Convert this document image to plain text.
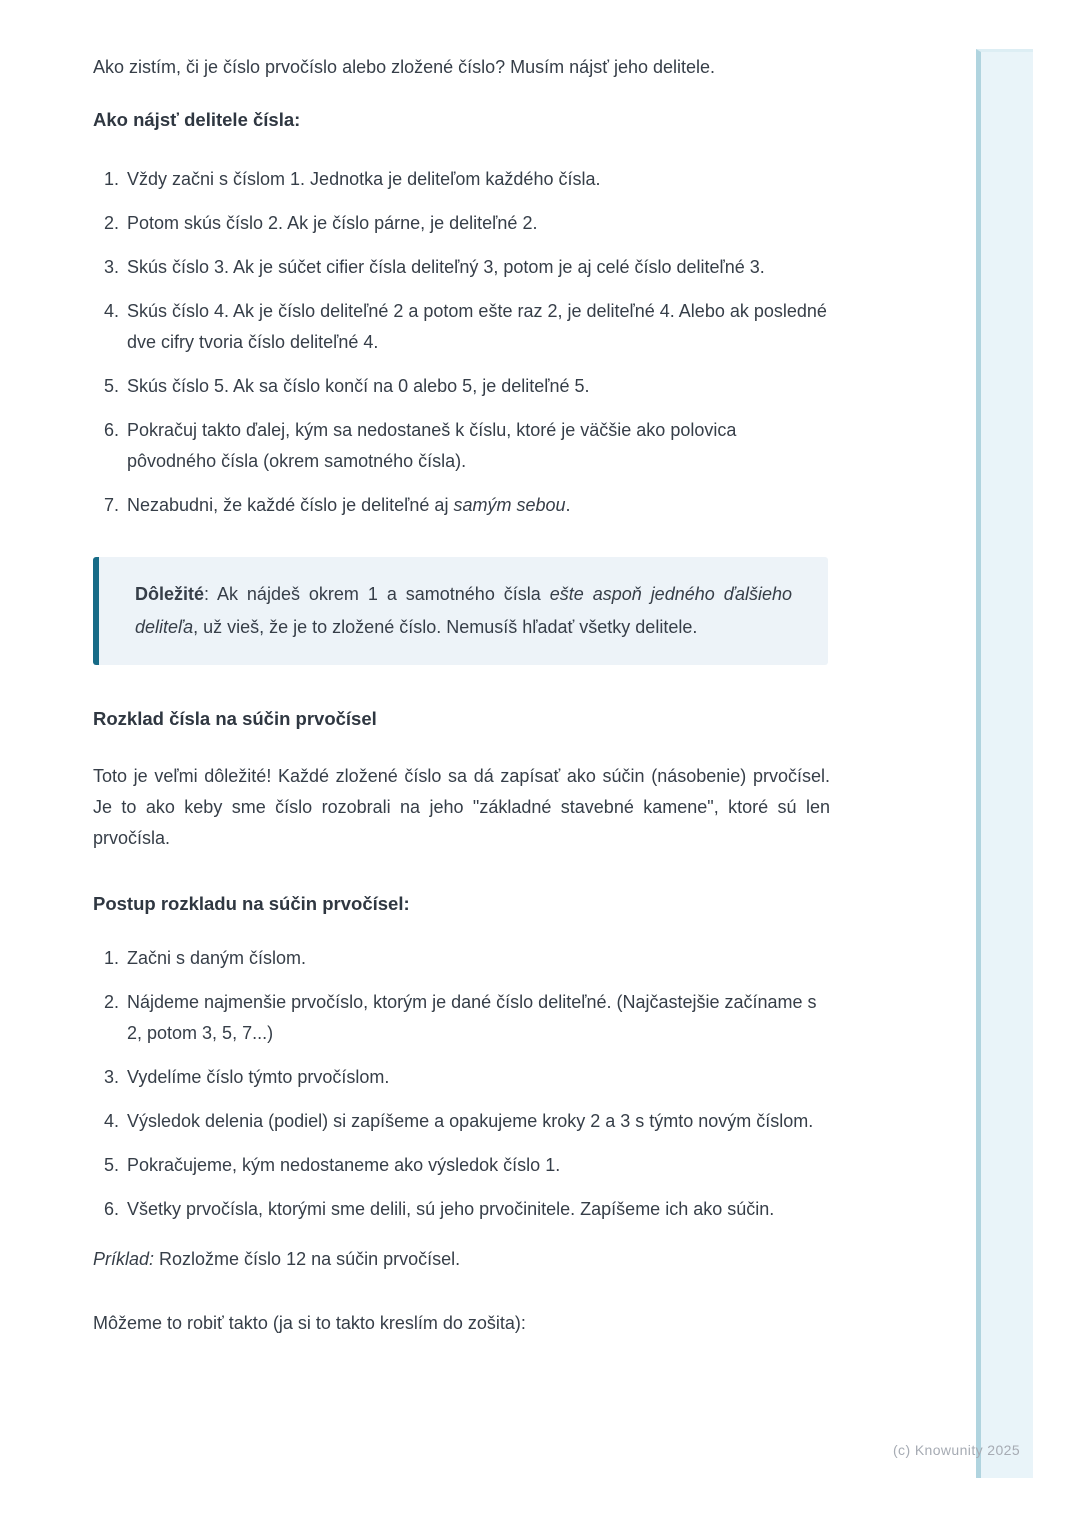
Ako zistím, či je číslo prvočíslo alebo zložené číslo? Musím nájsť jeho delitele.

Ako nájsť delitele čísla:
1. Vždy začni s číslom 1. Jednotka je deliteľom každého čísla.
2. Potom skús číslo 2. Ak je číslo párne, je deliteľné 2.
3. Skús číslo 3. Ak je súčet cifier čísla deliteľný 3, potom je aj celé číslo deliteľné 3.
4. Skús číslo 4. Ak je číslo deliteľné 2 a potom ešte raz 2, je deliteľné 4. Alebo ak posledné dve cifry tvoria číslo deliteľné 4.
5. Skús číslo 5. Ak sa číslo končí na 0 alebo 5, je deliteľné 5.
6. Pokračuj takto ďalej, kým sa nedostaneš k číslu, ktoré je väčšie ako polovica pôvodného čísla (okrem samotného čísla).
7. Nezabudni, že každé číslo je deliteľné aj samým sebou.

Dôležité: Ak nájdeš okrem 1 a samotného čísla ešte aspoň jedného ďalšieho deliteľa, už vieš, že je to zložené číslo. Nemusíš hľadať všetky delitele.

Rozklad čísla na súčin prvočísel

Toto je veľmi dôležité! Každé zložené číslo sa dá zapísať ako súčin (násobenie) prvočísel. Je to ako keby sme číslo rozobrali na jeho "základné stavebné kamene", ktoré sú len prvočísla.

Postup rozkladu na súčin prvočísel:
1. Začni s daným číslom.
2. Nájdeme najmenšie prvočíslo, ktorým je dané číslo deliteľné. (Najčastejšie začíname s 2, potom 3, 5, 7...)
3. Vydelíme číslo týmto prvočíslom.
4. Výsledok delenia (podiel) si zapíšeme a opakujeme kroky 2 a 3 s týmto novým číslom.
5. Pokračujeme, kým nedostaneme ako výsledok číslo 1.
6. Všetky prvočísla, ktorými sme delili, sú jeho prvočinitele. Zapíšeme ich ako súčin.

Príklad: Rozložme číslo 12 na súčin prvočísel.

Môžeme to robiť takto (ja si to takto kreslím do zošita):

(c) Knowunity 2025
